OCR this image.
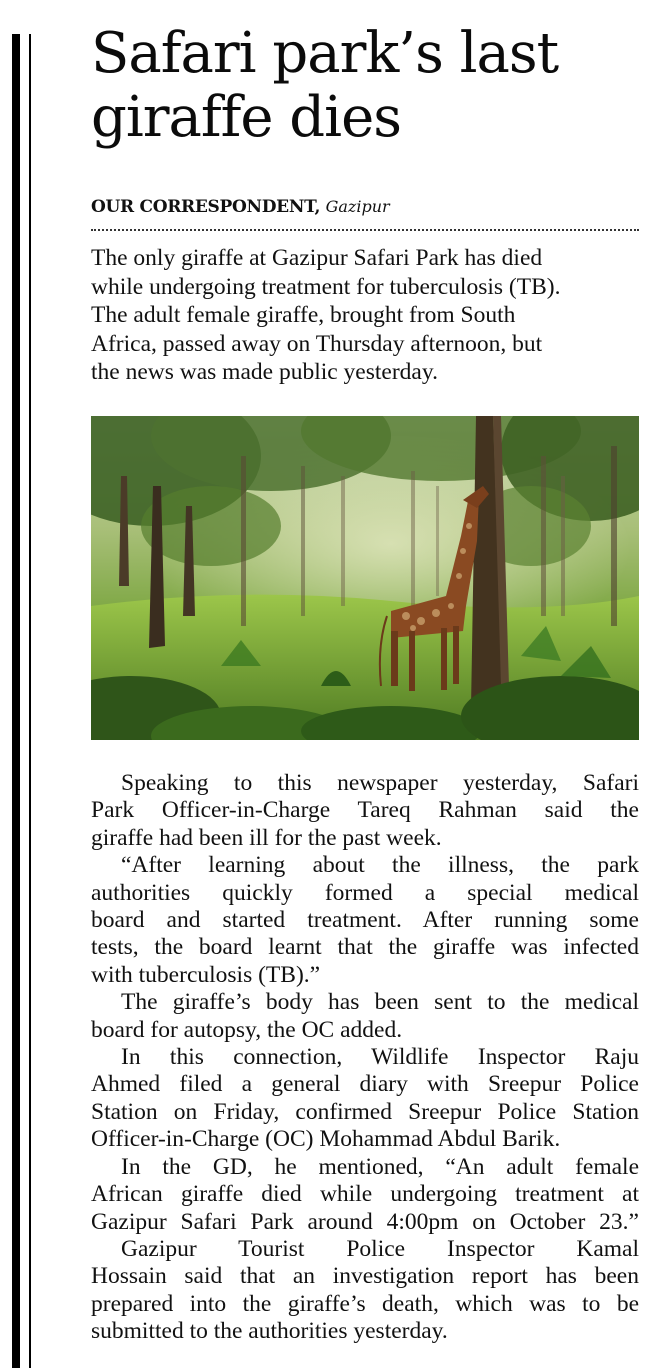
Safari park’s last
giraffe dies
OUR CORRESPONDENT, Gazipur

The only giraffe at Gazipur Safari Park has died
while undergoing treatment for tuberculosis (TB).
The adult female giraffe, brought from South
Africa, passed away on Thursday afternoon, but
the news was made public yesterday.

Speaking to this newspaper yesterday, Safari
Park Officer-in-Charge Tareq Rahman said the
giraffe had been ill for the past week.
“After learning about the illness, the park
authorities quickly formed a special medical
board and started treatment. After running some
tests, the board learnt that the giraffe was infected
with tuberculosis (TB).”
The giraffe’s body has been sent to the medical
board for autopsy, the OC added.
In this connection, Wildlife Inspector Raju
Ahmed filed a general diary with Sreepur Police
Station on Friday, confirmed Sreepur Police Station
Officer-in-Charge (OC) Mohammad Abdul Barik.
In the GD, he mentioned, “An adult female
African giraffe died while undergoing treatment at
Gazipur Safari Park around 4:00pm on October 23.”
Gazipur Tourist Police Inspector Kamal
Hossain said that an investigation report has been
prepared into the giraffe’s death, which was to be
submitted to the authorities yesterday.
